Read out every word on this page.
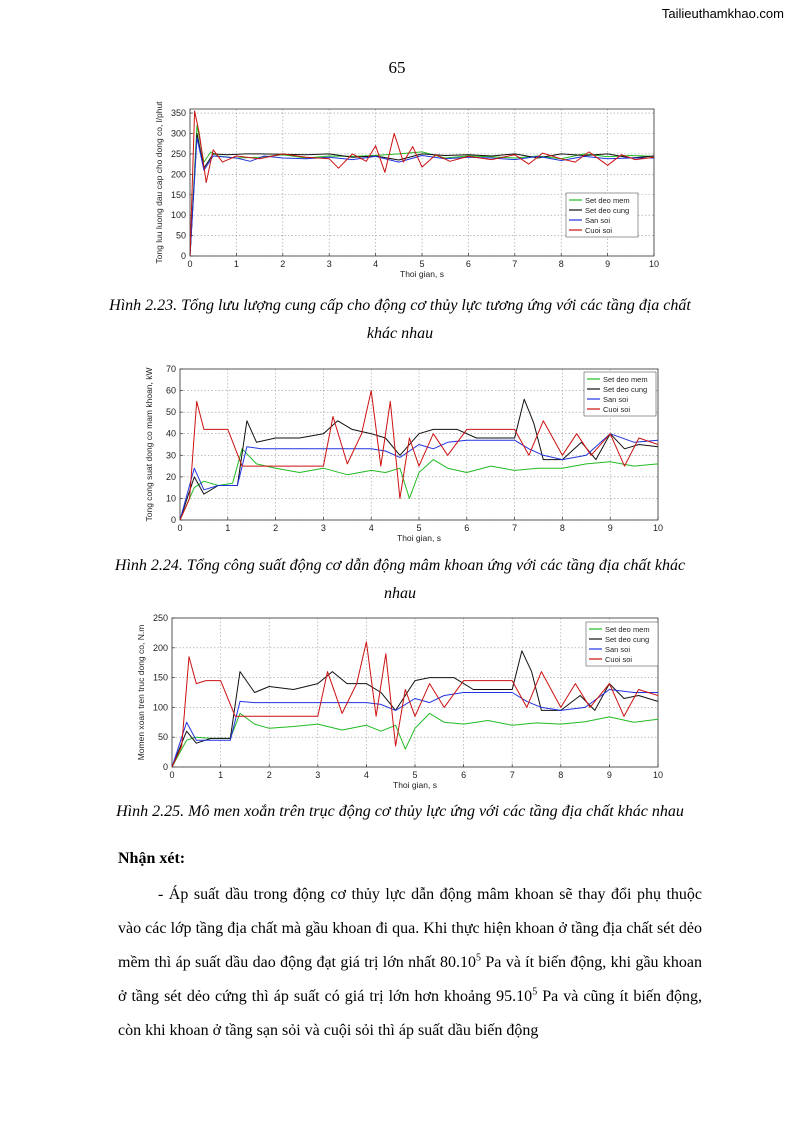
Tailieuthamkhao.com
65
0	1	2	3	4	5	6	7	8	9	10
0
50
100
150
200
250
300
350
Thoi gian, s
Tong luu luong dau cap cho dong co, l/phut	Set deo mem
Set deo cung
San soi
Cuoi soi
Hình 2.23. Tổng lưu lượng cung cấp cho động cơ thủy lực tương ứng với các tầng địa chất khác nhau
0	1	2	3	4	5	6	7	8	9	10
0
10
20
30
40
50
60
70
Thoi gian, s
Tong cong suat dong co mam khoan, kW	Set deo mem
Set deo cung
San soi
Cuoi soi
Hình 2.24. Tổng công suất động cơ dẫn động mâm khoan ứng với các tầng địa chất khác nhau
0	1	2	3	4	5	6	7	8	9	10
0
50
100
150
200
250
Thoi gian, s
Momen xoan tren truc dong co, N.m	Set deo mem
Set deo cung
San soi
Cuoi soi
Hình 2.25. Mô men xoắn trên trục động cơ thủy lực ứng với các tầng địa chất khác nhau
Nhận xét:

- Áp suất dầu trong động cơ thủy lực dẫn động mâm khoan sẽ thay đổi phụ thuộc vào các lớp tầng địa chất mà gầu khoan đi qua. Khi thực hiện khoan ở tầng địa chất sét dẻo mềm thì áp suất dầu dao động đạt giá trị lớn nhất 80.10$^5$ Pa và ít biến động, khi gầu khoan ở tầng sét dẻo cứng thì áp suất có giá trị lớn hơn khoảng 95.10$^5$ Pa và cũng ít biến động, còn khi khoan ở tầng sạn sỏi và cuội sỏi thì áp suất dầu biến động
